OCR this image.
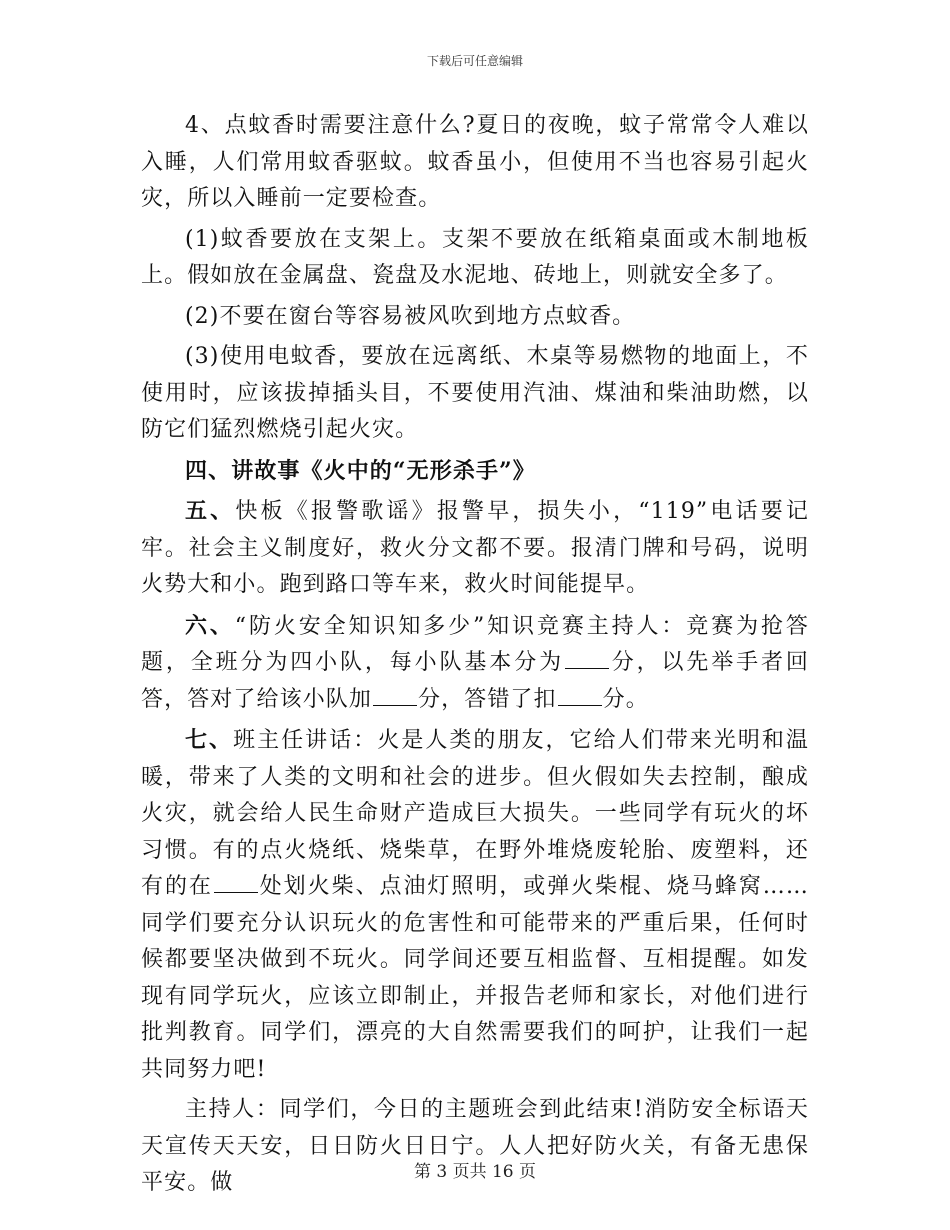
下载后可任意编辑

4、点蚊香时需要注意什么?夏日的夜晚，蚊子常常令人难以入睡，人们常用蚊香驱蚊。蚊香虽小，但使用不当也容易引起火灾，所以入睡前一定要检查。

(1)蚊香要放在支架上。支架不要放在纸箱桌面或木制地板上。假如放在金属盘、瓷盘及水泥地、砖地上，则就安全多了。

(2)不要在窗台等容易被风吹到地方点蚊香。

(3)使用电蚊香，要放在远离纸、木桌等易燃物的地面上，不使用时，应该拔掉插头目，不要使用汽油、煤油和柴油助燃，以防它们猛烈燃烧引起火灾。

四、讲故事《火中的“无形杀手”》

五、快板《报警歌谣》报警早，损失小，“119”电话要记牢。社会主义制度好，救火分文都不要。报清门牌和号码，说明火势大和小。跑到路口等车来，救火时间能提早。

六、“防火安全知识知多少”知识竞赛主持人：竞赛为抢答题，全班分为四小队，每小队基本分为 分，以先举手者回答，答对了给该小队加 分，答错了扣 分。

七、班主任讲话：火是人类的朋友，它给人们带来光明和温暖，带来了人类的文明和社会的进步。但火假如失去控制，酿成火灾，就会给人民生命财产造成巨大损失。一些同学有玩火的坏习惯。有的点火烧纸、烧柴草，在野外堆烧废轮胎、废塑料，还有的在 处划火柴、点油灯照明，或弹火柴棍、烧马蜂窝……同学们要充分认识玩火的危害性和可能带来的严重后果，任何时候都要坚决做到不玩火。同学间还要互相监督、互相提醒。如发现有同学玩火，应该立即制止，并报告老师和家长，对他们进行批判教育。同学们，漂亮的大自然需要我们的呵护，让我们一起共同努力吧!

主持人：同学们，今日的主题班会到此结束!消防安全标语天天宣传天天安，日日防火日日宁。人人把好防火关，有备无患保平安。做	第 3 页共 16 页
